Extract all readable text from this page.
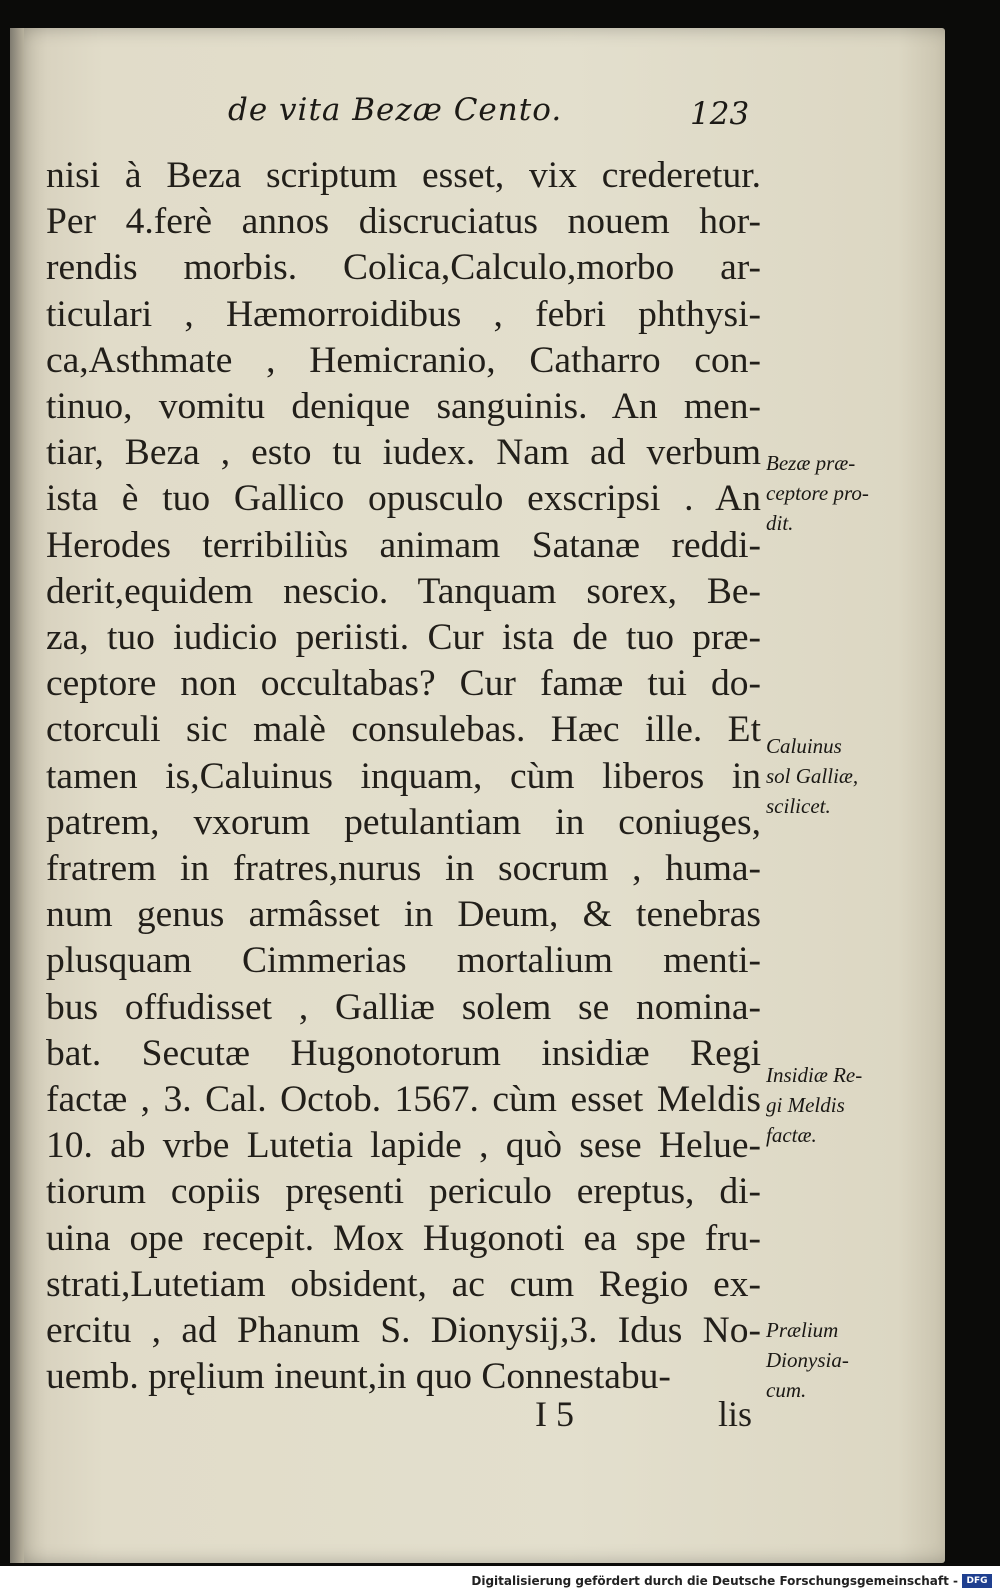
de vita Bezæ Cento.	123
nisi à Beza scriptum esset, vix crederetur.
Per 4.ferè annos discruciatus nouem hor-
rendis morbis. Colica,Calculo,morbo ar-
ticulari , Hæmorroidibus , febri phthysi-
ca,Asthmate , Hemicranio, Catharro con-
tinuo, vomitu denique sanguinis. An men-
tiar, Beza , esto tu iudex. Nam ad verbum
ista è tuo Gallico opusculo exscripsi . An
Herodes terribiliùs animam Satanæ reddi-
derit,equidem nescio. Tanquam sorex, Be-
za, tuo iudicio periisti. Cur ista de tuo præ-
ceptore non occultabas? Cur famæ tui do-
ctorculi sic malè consulebas. Hæc ille. Et
tamen is,Caluinus inquam, cùm liberos in
patrem, vxorum petulantiam in coniuges,
fratrem in fratres,nurus in socrum , huma-
num genus armâsset in Deum, & tenebras
plusquam Cimmerias mortalium menti-
bus offudisset , Galliæ solem se nomina-
bat. Secutæ Hugonotorum insidiæ Regi
factæ , 3. Cal. Octob. 1567. cùm esset Meldis
10. ab vrbe Lutetia lapide , quò sese Helue-
tiorum copiis pręsenti periculo ereptus, di-
uina ope recepit. Mox Hugonoti ea spe fru-
strati,Lutetiam obsident, ac cum Regio ex-
ercitu , ad Phanum S. Dionysij,3. Idus No-
uemb. pręlium ineunt,in quo Connestabu-
I 5	lis
Bezæ præ-
ceptore pro-
dit.
Caluinus
sol Galliæ,
scilicet.
Insidiæ Re-
gi Meldis
factæ.
Prælium
Dionysia-
cum.
Digitalisierung gefördert durch die Deutsche Forschungsgemeinschaft - DFG
